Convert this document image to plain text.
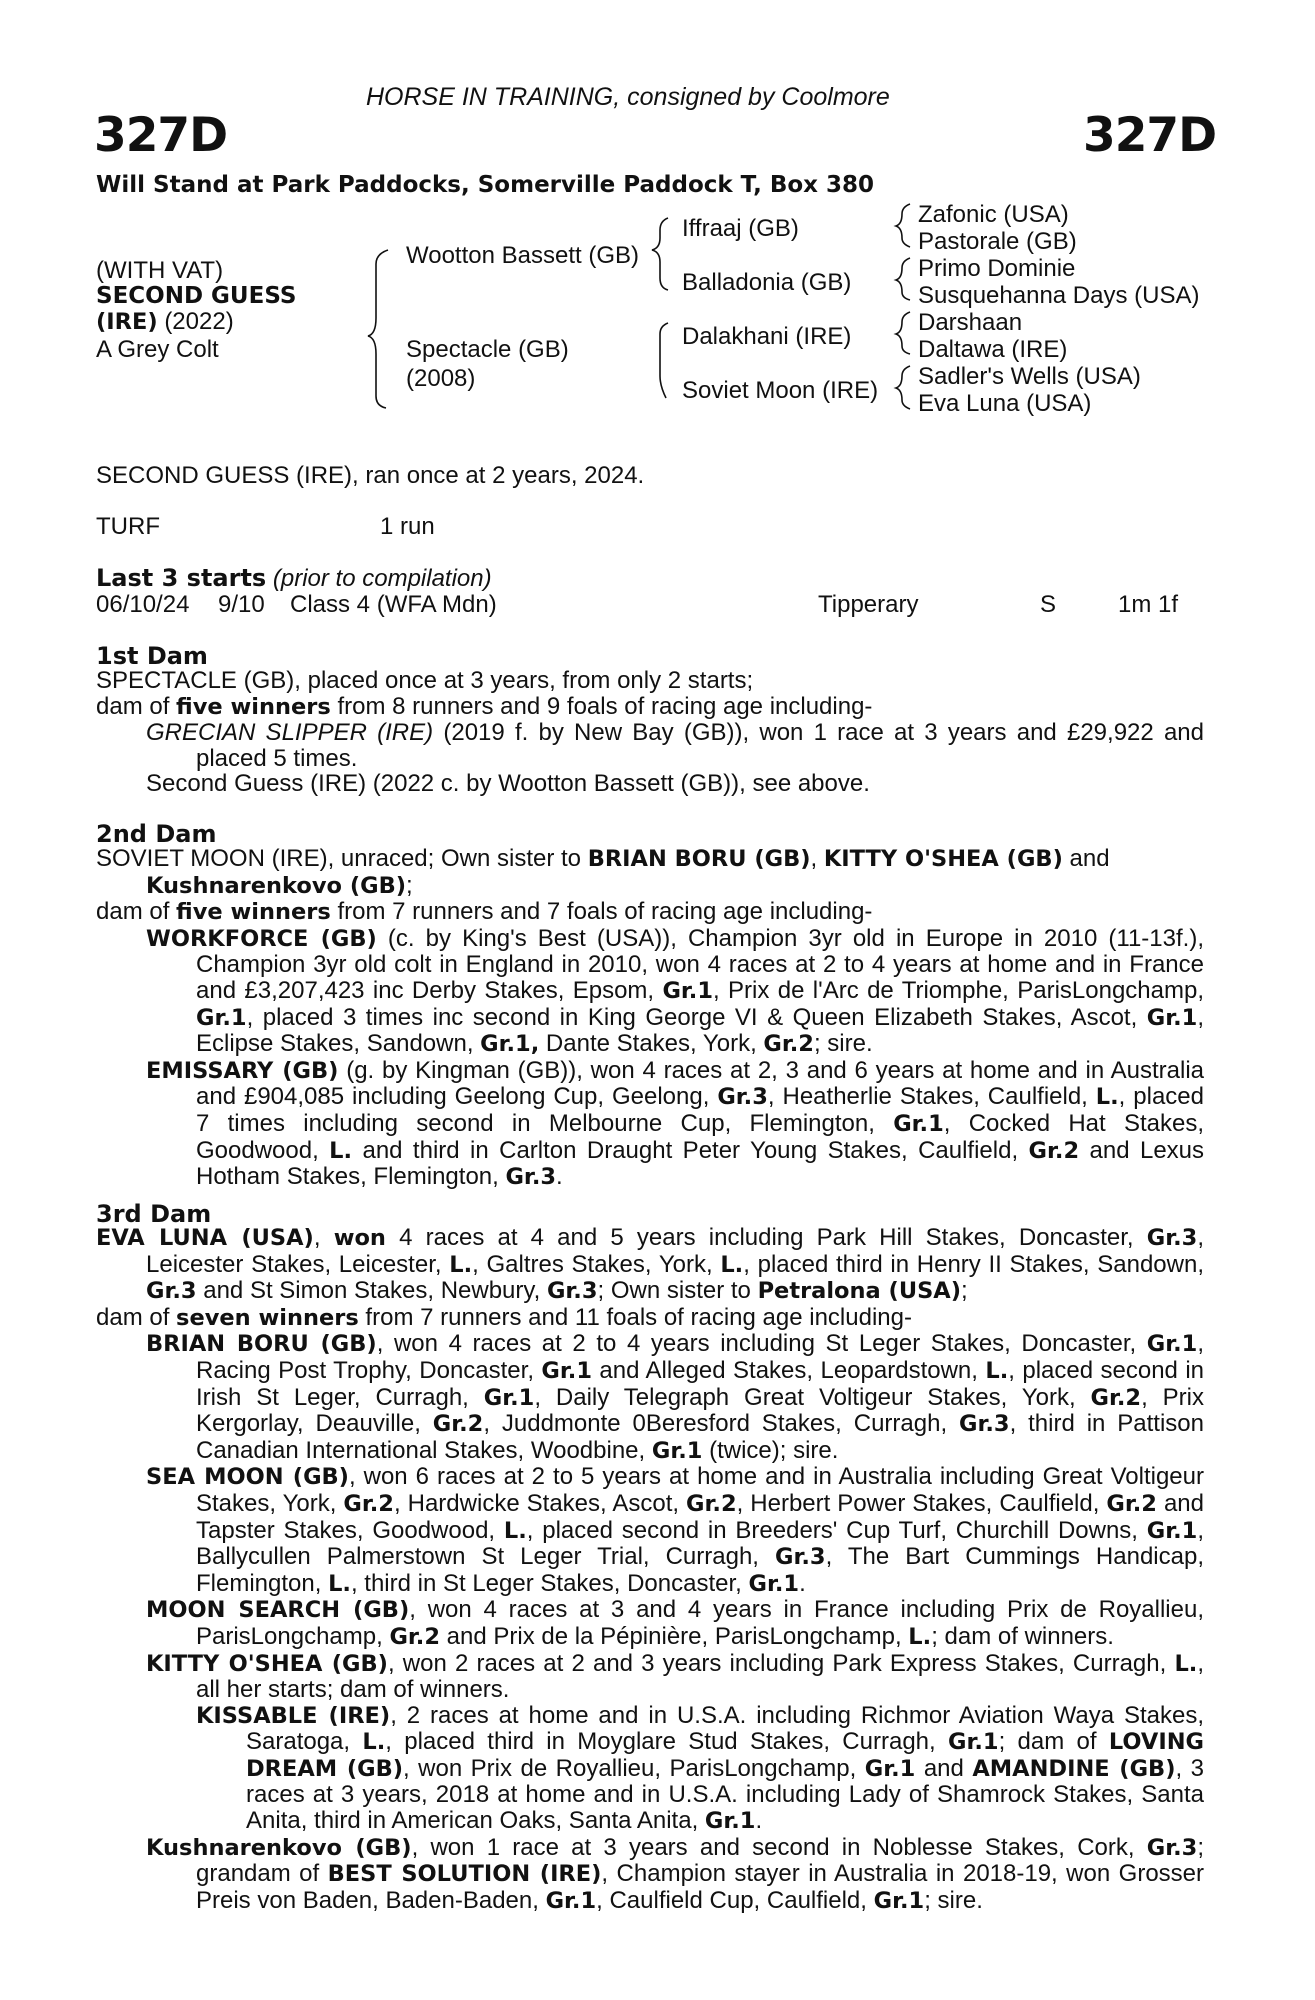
HORSE IN TRAINING, consigned by Coolmore
327D	327D
Will Stand at Park Paddocks, Somerville Paddock T, Box 380
(WITH VAT)
SECOND GUESS
(IRE) (2022)
A Grey Colt
Wootton Bassett (GB)
Spectacle (GB)
(2008)
Iffraaj (GB)
Balladonia (GB)
Dalakhani (IRE)
Soviet Moon (IRE)
Zafonic (USA)
Pastorale (GB)
Primo Dominie
Susquehanna Days (USA)
Darshaan
Daltawa (IRE)
Sadler's Wells (USA)
Eva Luna (USA)
SECOND GUESS (IRE), ran once at 2 years, 2024.
TURF	1 run
Last 3 starts (prior to compilation)
06/10/24 9/10 Class 4 (WFA Mdn)	Tipperary	S	1m 1f
1st Dam

SPECTACLE (GB), placed once at 3 years, from only 2 starts;

dam of five winners from 8 runners and 9 foals of racing age including-

GRECIAN SLIPPER (IRE) (2019 f. by New Bay (GB)), won 1 race at 3 years and £29,922 and placed 5 times.

Second Guess (IRE) (2022 c. by Wootton Bassett (GB)), see above.

2nd Dam

SOVIET MOON (IRE), unraced; Own sister to BRIAN BORU (GB), KITTY O'SHEA (GB) and Kushnarenkovo (GB);

dam of five winners from 7 runners and 7 foals of racing age including-

WORKFORCE (GB) (c. by King's Best (USA)), Champion 3yr old in Europe in 2010 (11-13f.), Champion 3yr old colt in England in 2010, won 4 races at 2 to 4 years at home and in France and £3,207,423 inc Derby Stakes, Epsom, Gr.1, Prix de l'Arc de Triomphe, ParisLongchamp, Gr.1, placed 3 times inc second in King George VI & Queen Elizabeth Stakes, Ascot, Gr.1, Eclipse Stakes, Sandown, Gr.1, Dante Stakes, York, Gr.2; sire.

EMISSARY (GB) (g. by Kingman (GB)), won 4 races at 2, 3 and 6 years at home and in Australia and £904,085 including Geelong Cup, Geelong, Gr.3, Heatherlie Stakes, Caulfield, L., placed 7 times including second in Melbourne Cup, Flemington, Gr.1, Cocked Hat Stakes, Goodwood, L. and third in Carlton Draught Peter Young Stakes, Caulfield, Gr.2 and Lexus Hotham Stakes, Flemington, Gr.3.

3rd Dam

EVA LUNA (USA), won 4 races at 4 and 5 years including Park Hill Stakes, Doncaster, Gr.3, Leicester Stakes, Leicester, L., Galtres Stakes, York, L., placed third in Henry II Stakes, Sandown, Gr.3 and St Simon Stakes, Newbury, Gr.3; Own sister to Petralona (USA);

dam of seven winners from 7 runners and 11 foals of racing age including-

BRIAN BORU (GB), won 4 races at 2 to 4 years including St Leger Stakes, Doncaster, Gr.1, Racing Post Trophy, Doncaster, Gr.1 and Alleged Stakes, Leopardstown, L., placed second in Irish St Leger, Curragh, Gr.1, Daily Telegraph Great Voltigeur Stakes, York, Gr.2, Prix Kergorlay, Deauville, Gr.2, Juddmonte 0Beresford Stakes, Curragh, Gr.3, third in Pattison Canadian International Stakes, Woodbine, Gr.1 (twice); sire.

SEA MOON (GB), won 6 races at 2 to 5 years at home and in Australia including Great Voltigeur Stakes, York, Gr.2, Hardwicke Stakes, Ascot, Gr.2, Herbert Power Stakes, Caulfield, Gr.2 and Tapster Stakes, Goodwood, L., placed second in Breeders' Cup Turf, Churchill Downs, Gr.1, Ballycullen Palmerstown St Leger Trial, Curragh, Gr.3, The Bart Cummings Handicap, Flemington, L., third in St Leger Stakes, Doncaster, Gr.1.

MOON SEARCH (GB), won 4 races at 3 and 4 years in France including Prix de Royallieu, ParisLongchamp, Gr.2 and Prix de la Pépinière, ParisLongchamp, L.; dam of winners.

KITTY O'SHEA (GB), won 2 races at 2 and 3 years including Park Express Stakes, Curragh, L., all her starts; dam of winners.

KISSABLE (IRE), 2 races at home and in U.S.A. including Richmor Aviation Waya Stakes, Saratoga, L., placed third in Moyglare Stud Stakes, Curragh, Gr.1; dam of LOVING DREAM (GB), won Prix de Royallieu, ParisLongchamp, Gr.1 and AMANDINE (GB), 3 races at 3 years, 2018 at home and in U.S.A. including Lady of Shamrock Stakes, Santa Anita, third in American Oaks, Santa Anita, Gr.1.

Kushnarenkovo (GB), won 1 race at 3 years and second in Noblesse Stakes, Cork, Gr.3; grandam of BEST SOLUTION (IRE), Champion stayer in Australia in 2018-19, won Grosser Preis von Baden, Baden-Baden, Gr.1, Caulfield Cup, Caulfield, Gr.1; sire.
